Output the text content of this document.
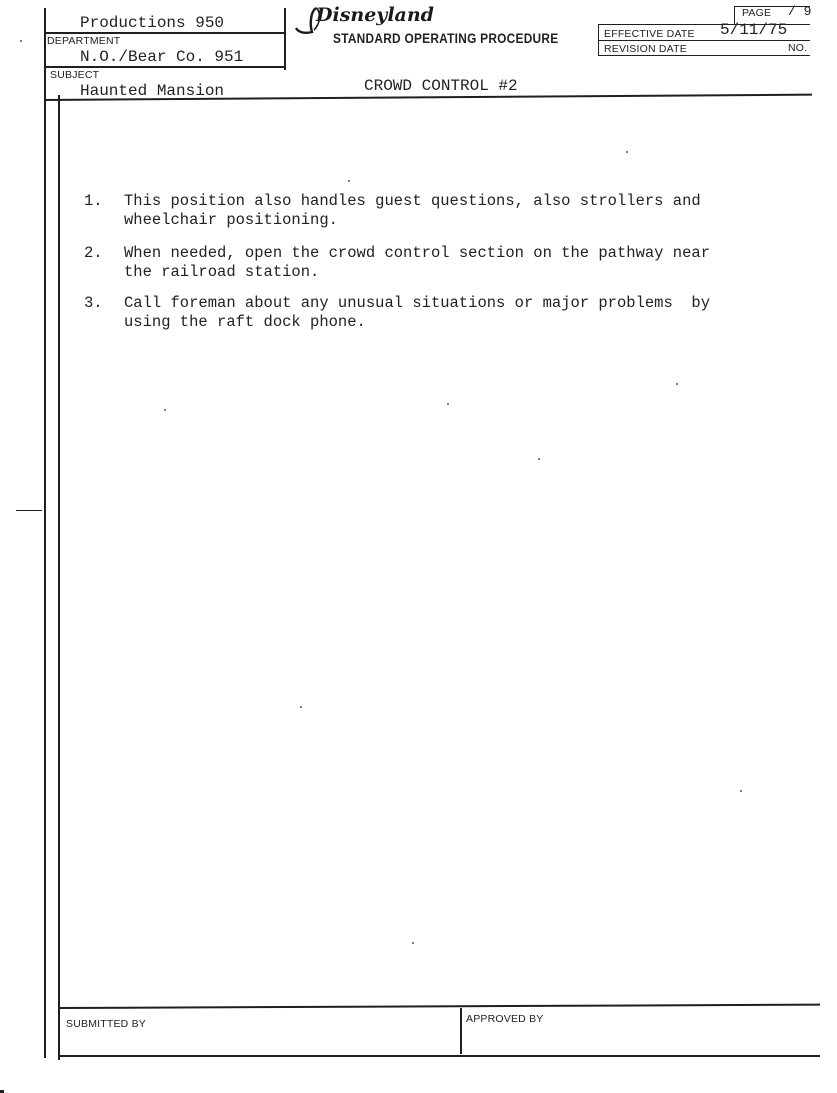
Productions 950
DEPARTMENT
N.O./Bear Co. 951
SUBJECT
Haunted Mansion
Disneyland
STANDARD OPERATING PROCEDURE
CROWD CONTROL #2
PAGE / 9
EFFECTIVE DATE 5/11/75
REVISION DATE	NO.
1. This position also handles guest questions, also strollers and
wheelchair positioning.
2. When needed, open the crowd control section on the pathway near
the railroad station.
3. Call foreman about any unusual situations or major problems  by
using the raft dock phone.
SUBMITTED BY	APPROVED BY
